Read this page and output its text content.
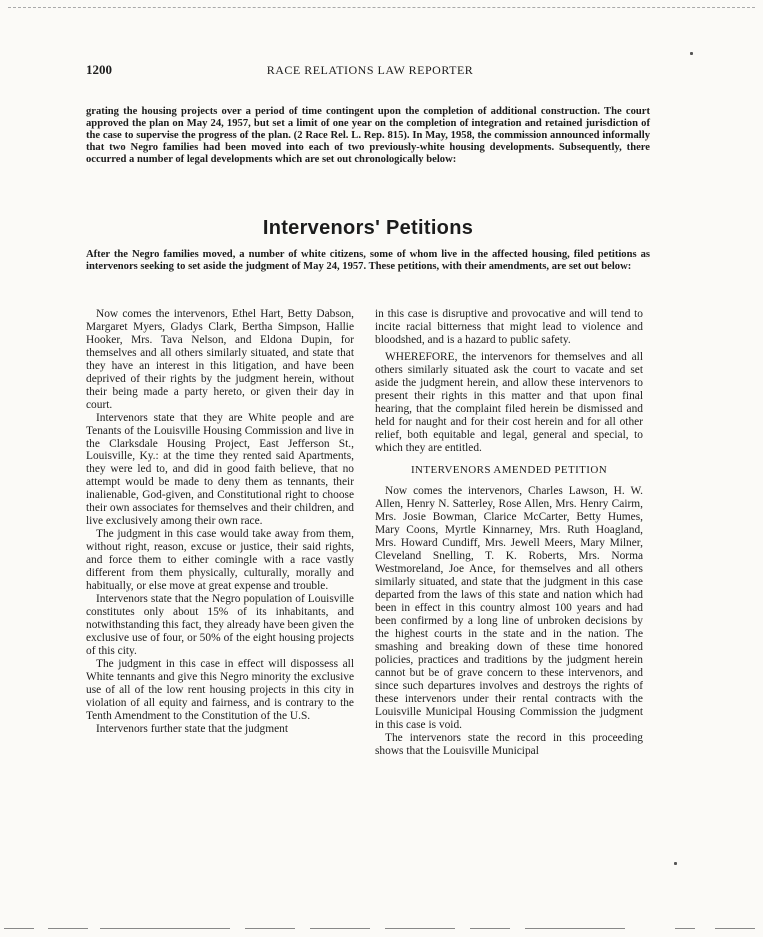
1200	RACE RELATIONS LAW REPORTER

grating the housing projects over a period of time contingent upon the completion of additional construction. The court approved the plan on May 24, 1957, but set a limit of one year on the completion of integration and retained jurisdiction of the case to supervise the progress of the plan. (2 Race Rel. L. Rep. 815). In May, 1958, the commission announced informally that two Negro families had been moved into each of two previously-white housing developments. Subsequently, there occurred a number of legal developments which are set out chronologically below:

Intervenors' Petitions

After the Negro families moved, a number of white citizens, some of whom live in the affected housing, filed petitions as intervenors seeking to set aside the judgment of May 24, 1957. These petitions, with their amendments, are set out below:

Now comes the intervenors, Ethel Hart, Betty Dabson, Margaret Myers, Gladys Clark, Bertha Simpson, Hallie Hooker, Mrs. Tava Nelson, and Eldona Dupin, for themselves and all others similarly situated, and state that they have an interest in this litigation, and have been deprived of their rights by the judgment herein, without their being made a party hereto, or given their day in court.

Intervenors state that they are White people and are Tenants of the Louisville Housing Commission and live in the Clarksdale Housing Project, East Jefferson St., Louisville, Ky.: at the time they rented said Apartments, they were led to, and did in good faith believe, that no attempt would be made to deny them as tennants, their inalienable, God-given, and Constitutional right to choose their own associates for themselves and their children, and live exclusively among their own race.

The judgment in this case would take away from them, without right, reason, excuse or justice, their said rights, and force them to either comingle with a race vastly different from them physically, culturally, morally and habitually, or else move at great expense and trouble.

Intervenors state that the Negro population of Louisville constitutes only about 15% of its inhabitants, and notwithstanding this fact, they already have been given the exclusive use of four, or 50% of the eight housing projects of this city.

The judgment in this case in effect will dispossess all White tennants and give this Negro minority the exclusive use of all of the low rent housing projects in this city in violation of all equity and fairness, and is contrary to the Tenth Amendment to the Constitution of the U.S.

Intervenors further state that the judgment

in this case is disruptive and provocative and will tend to incite racial bitterness that might lead to violence and bloodshed, and is a hazard to public safety.

WHEREFORE, the intervenors for themselves and all others similarly situated ask the court to vacate and set aside the judgment herein, and allow these intervenors to present their rights in this matter and that upon final hearing, that the complaint filed herein be dismissed and held for naught and for their cost herein and for all other relief, both equitable and legal, general and special, to which they are entitled.

INTERVENORS AMENDED PETITION

Now comes the intervenors, Charles Lawson, H. W. Allen, Henry N. Satterley, Rose Allen, Mrs. Henry Cairm, Mrs. Josie Bowman, Clarice McCarter, Betty Humes, Mary Coons, Myrtle Kinnarney, Mrs. Ruth Hoagland, Mrs. Howard Cundiff, Mrs. Jewell Meers, Mary Milner, Cleveland Snelling, T. K. Roberts, Mrs. Norma Westmoreland, Joe Ance, for themselves and all others similarly situated, and state that the judgment in this case departed from the laws of this state and nation which had been in effect in this country almost 100 years and had been confirmed by a long line of unbroken decisions by the highest courts in the state and in the nation. The smashing and breaking down of these time honored policies, practices and traditions by the judgment herein cannot but be of grave concern to these intervenors, and since such departures involves and destroys the rights of these intervenors under their rental contracts with the Louisville Municipal Housing Commission the judgment in this case is void.

The intervenors state the record in this proceeding shows that the Louisville Municipal
